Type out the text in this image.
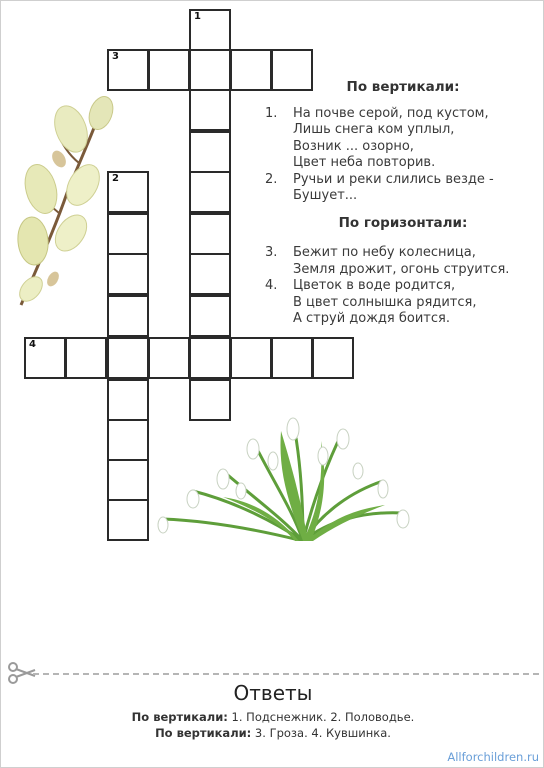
1
3
2
4
По вертикали:
1.	На почве серой, под кустом,
Лишь снега ком уплыл,
Возник ... озорно,
Цвет неба повторив.
2.	Ручьи и реки слились везде -
Бушует...
По горизонтали:
3.	Бежит по небу колесница,
Земля дрожит, огонь струится.
4.	Цветок в воде родится,
В цвет солнышка рядится,
А струй дождя боится.
Ответы
По вертикали: 1. Подснежник. 2. Половодье.
По вертикали: 3. Гроза. 4. Кувшинка.
Allforchildren.ru
